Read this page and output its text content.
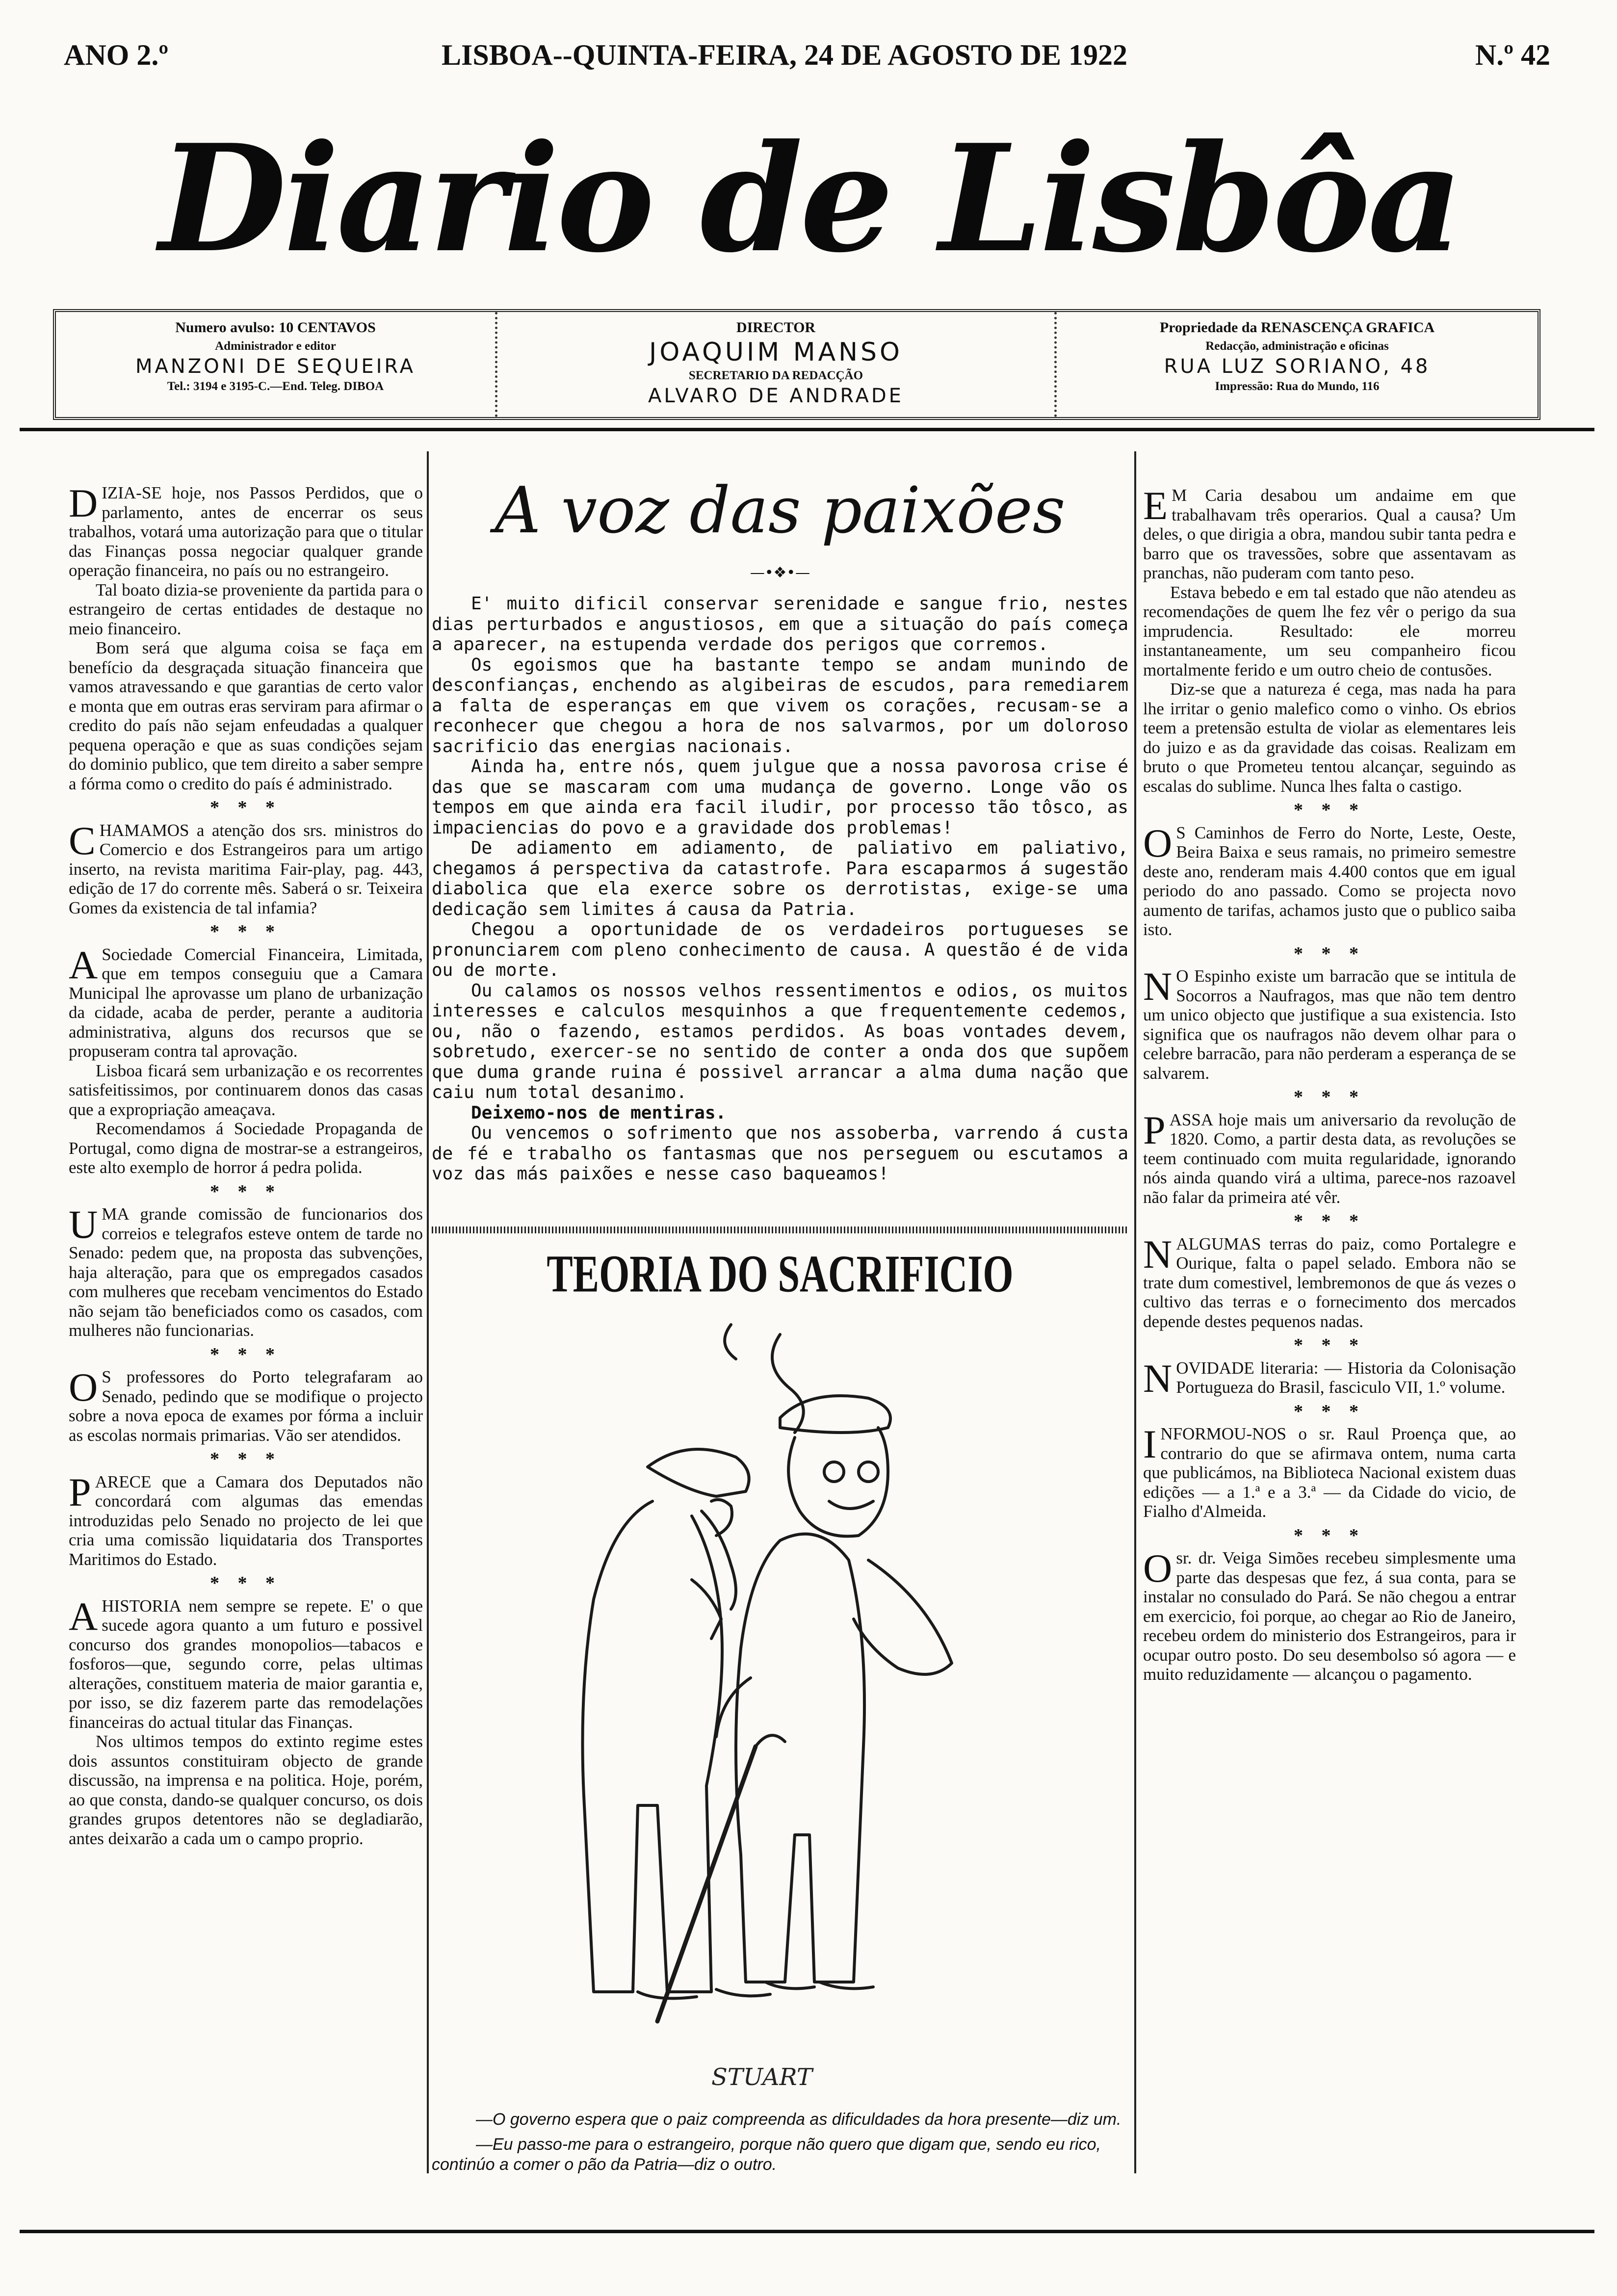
ANO 2.º	LISBOA--QUINTA-FEIRA, 24 DE AGOSTO DE 1922	N.º 42
Diario de Lisbôa
Numero avulso: 10 CENTAVOS
Administrador e editor
MANZONI DE SEQUEIRA
Tel.: 3194 e 3195-C.—End. Teleg. DIBOA
DIRECTOR
JOAQUIM MANSO
SECRETARIO DA REDACÇÃO
ALVARO DE ANDRADE
Propriedade da RENASCENÇA GRAFICA
Redacção, administração e oficinas
RUA LUZ SORIANO, 48
Impressão: Rua do Mundo, 116

DIZIA-SE hoje, nos Passos Perdidos, que o parlamento, antes de encerrar os seus trabalhos, votará uma autorização para que o titular das Finanças possa negociar qualquer grande operação financeira, no país ou no estrangeiro.

Tal boato dizia-se proveniente da partida para o estrangeiro de certas entidades de destaque no meio financeiro.

Bom será que alguma coisa se faça em benefício da desgraçada situação financeira que vamos atravessando e que garantias de certo valor e monta que em outras eras serviram para afirmar o credito do país não sejam enfeudadas a qualquer pequena operação e que as suas condições sejam do dominio publico, que tem direito a saber sempre a fórma como o credito do país é administrado.

* * *

CHAMAMOS a atenção dos srs. ministros do Comercio e dos Estrangeiros para um artigo inserto, na revista maritima Fair-play, pag. 443, edição de 17 do corrente mês. Saberá o sr. Teixeira Gomes da existencia de tal infamia?

* * *

A Sociedade Comercial Financeira, Limitada, que em tempos conseguiu que a Camara Municipal lhe aprovasse um plano de urbanização da cidade, acaba de perder, perante a auditoria administrativa, alguns dos recursos que se propuseram contra tal aprovação.

Lisboa ficará sem urbanização e os recorrentes satisfeitissimos, por continuarem donos das casas que a expropriação ameaçava.

Recomendamos á Sociedade Propaganda de Portugal, como digna de mostrar-se a estrangeiros, este alto exemplo de horror á pedra polida.

* * *

UMA grande comissão de funcionarios dos correios e telegrafos esteve ontem de tarde no Senado: pedem que, na proposta das subvenções, haja alteração, para que os empregados casados com mulheres que recebam vencimentos do Estado não sejam tão beneficiados como os casados, com mulheres não funcionarias.

* * *

O S professores do Porto telegrafaram ao Senado, pedindo que se modifique o projecto sobre a nova epoca de exames por fórma a incluir as escolas normais primarias. Vão ser atendidos.

* * *

PARECE que a Camara dos Deputados não concordará com algumas das emendas introduzidas pelo Senado no projecto de lei que cria uma comissão liquidataria dos Transportes Maritimos do Estado.

* * *

AHISTORIA nem sempre se repete. E' o que sucede agora quanto a um futuro e possivel concurso dos grandes monopolios—tabacos e fosforos—que, segundo corre, pelas ultimas alterações, constituem materia de maior garantia e, por isso, se diz fazerem parte das remodelações financeiras do actual titular das Finanças.

Nos ultimos tempos do extinto regime estes dois assuntos constituiram objecto de grande discussão, na imprensa e na politica. Hoje, porém, ao que consta, dando-se qualquer concurso, os dois grandes grupos detentores não se degladiarão, antes deixarão a cada um o campo proprio.

A voz das paixões
—•❖•—

E' muito dificil conservar serenidade e sangue frio, nestes dias perturbados e angustiosos, em que a situação do país começa a aparecer, na estupenda verdade dos perigos que corremos.

Os egoismos que ha bastante tempo se andam munindo de desconfianças, enchendo as algibeiras de escudos, para remediarem a falta de esperanças em que vivem os corações, recusam-se a reconhecer que chegou a hora de nos salvarmos, por um doloroso sacrificio das energias nacionais.

Ainda ha, entre nós, quem julgue que a nossa pavorosa crise é das que se mascaram com uma mudança de governo. Longe vão os tempos em que ainda era facil iludir, por processo tão tôsco, as impaciencias do povo e a gravidade dos problemas!

De adiamento em adiamento, de paliativo em paliativo, chegamos á perspectiva da catastrofe. Para escaparmos á sugestão diabolica que ela exerce sobre os derrotistas, exige-se uma dedicação sem limites á causa da Patria.

Chegou a oportunidade de os verdadeiros portugueses se pronunciarem com pleno conhecimento de causa. A questão é de vida ou de morte.

Ou calamos os nossos velhos ressentimentos e odios, os muitos interesses e calculos mesquinhos a que frequentemente cedemos, ou, não o fazendo, estamos perdidos. As boas vontades devem, sobretudo, exercer-se no sentido de conter a onda dos que supõem que duma grande ruina é possivel arrancar a alma duma nação que caiu num total desanimo.

Deixemo-nos de mentiras.

Ou vencemos o sofrimento que nos assoberba, varrendo á custa de fé e trabalho os fantasmas que nos perseguem ou escutamos a voz das más paixões e nesse caso baqueamos!

TEORIA DO SACRIFICIO
STUART

—O governo espera que o paiz compreenda as dificuldades da hora presente—diz um.

—Eu passo-me para o estrangeiro, porque não quero que digam que, sendo eu rico, continúo a comer o pão da Patria—diz o outro.

E M Caria desabou um andaime em que trabalhavam três operarios. Qual a causa? Um deles, o que dirigia a obra, mandou subir tanta pedra e barro que os travessões, sobre que assentavam as pranchas, não puderam com tanto peso.

Estava bebedo e em tal estado que não atendeu as recomendações de quem lhe fez vêr o perigo da sua imprudencia. Resultado: ele morreu instantaneamente, um seu companheiro ficou mortalmente ferido e um outro cheio de contusões.

Diz-se que a natureza é cega, mas nada ha para lhe irritar o genio malefico como o vinho. Os ebrios teem a pretensão estulta de violar as elementares leis do juizo e as da gravidade das coisas. Realizam em bruto o que Prometeu tentou alcançar, seguindo as escalas do sublime. Nunca lhes falta o castigo.

* * *

O S Caminhos de Ferro do Norte, Leste, Oeste, Beira Baixa e seus ramais, no primeiro semestre deste ano, renderam mais 4.400 contos que em igual periodo do ano passado. Como se projecta novo aumento de tarifas, achamos justo que o publico saiba isto.

* * *

N O Espinho existe um barracão que se intitula de Socorros a Naufragos, mas que não tem dentro um unico objecto que justifique a sua existencia. Isto significa que os naufragos não devem olhar para o celebre barracão, para não perderam a esperança de se salvarem.

* * *

PASSA hoje mais um aniversario da revolução de 1820. Como, a partir desta data, as revoluções se teem continuado com muita regularidade, ignorando nós ainda quando virá a ultima, parece-nos razoavel não falar da primeira até vêr.

* * *

NALGUMAS terras do paiz, como Portalegre e Ourique, falta o papel selado. Embora não se trate dum comestivel, lembremonos de que ás vezes o cultivo das terras e o fornecimento dos mercados depende destes pequenos nadas.

* * *

NOVIDADE literaria: — Historia da Colonisação Portugueza do Brasil, fasciculo VII, 1.º volume.

* * *

INFORMOU-NOS o sr. Raul Proença que, ao contrario do que se afirmava ontem, numa carta que publicámos, na Biblioteca Nacional existem duas edições — a 1.ª e a 3.ª — da Cidade do vicio, de Fialho d'Almeida.

* * *

Osr. dr. Veiga Simões recebeu simplesmente uma parte das despesas que fez, á sua conta, para se instalar no consulado do Pará. Se não chegou a entrar em exercicio, foi porque, ao chegar ao Rio de Janeiro, recebeu ordem do ministerio dos Estrangeiros, para ir ocupar outro posto. Do seu desembolso só agora — e muito reduzidamente — alcançou o pagamento.
